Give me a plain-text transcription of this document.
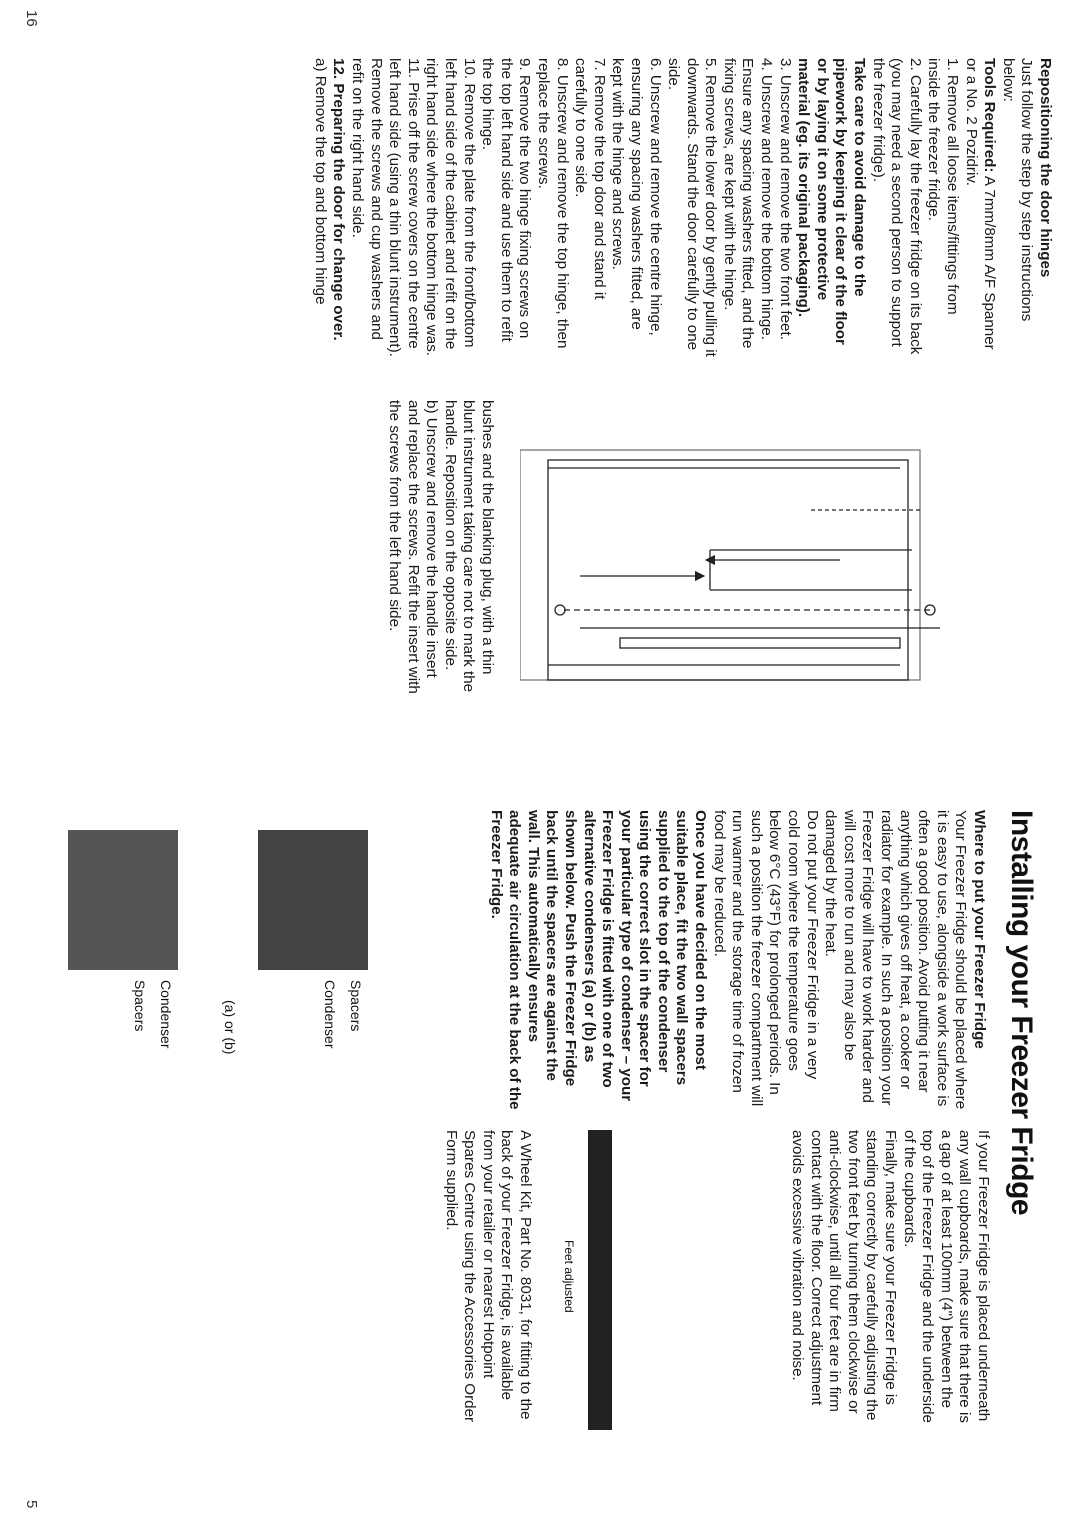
Repositioning the door hinges

Just follow the step by step instructions below:

Tools Required: A 7mm/8mm A/F Spanner or a No. 2 Pozidriv.

1. Remove all loose items/fittings from inside the freezer fridge.

2. Carefully lay the freezer fridge on its back (you may need a second person to support the freezer fridge).

Take care to avoid damage to the pipework by keeping it clear of the floor or by laying it on some protective material (eg. its original packaging).

3. Unscrew and remove the two front feet.

4. Unscrew and remove the bottom hinge. Ensure any spacing washers fitted, and the fixing screws, are kept with the hinge.

5. Remove the lower door by gently pulling it downwards. Stand the door carefully to one side.

6. Unscrew and remove the centre hinge, ensuring any spacing washers fitted, are kept with the hinge and screws.

7. Remove the top door and stand it carefully to one side.

8. Unscrew and remove the top hinge, then replace the screws.

9. Remove the two hinge fixing screws on the top left hand side and use them to refit the top hinge.

10. Remove the plate from the front/bottom left hand side of the cabinet and refit on the right hand side where the bottom hinge was.

11. Prise off the screw covers on the centre left hand side (using a thin blunt instrument). Remove the screws and cup washers and refit on the right hand side.

12. Preparing the door for change over.

a) Remove the top and bottom hinge

bushes and the blanking plug, with a thin blunt instrument taking care not to mark the handle. Reposition on the opposite side.

b) Unscrew and remove the handle insert and replace the screws. Refit the insert with the screws from the left hand side.

Installing your Freezer Fridge

Where to put your Freezer Fridge

Your Freezer Fridge should be placed where it is easy to use, alongside a work surface is often a good position. Avoid putting it near anything which gives off heat, a cooker or radiator for example. In such a position your Freezer Fridge will have to work harder and will cost more to run and may also be damaged by the heat.

Do not put your Freezer Fridge in a very cold room where the temperature goes below 6°C (43°F) for prolonged periods. In such a position the freezer compartment will run warmer and the storage time of frozen food may be reduced.

Once you have decided on the most suitable place, fit the two wall spacers supplied to the top of the condenser using the correct slot in the spacer for your particular type of condenser – your Freezer Fridge is fitted with one of two alternative condensers (a) or (b) as shown below. Push the Freezer Fridge back until the spacers are against the wall. This automatically ensures adequate air circulation at the back of the Freezer Fridge.

Spacers
Condenser
(a) or (b)
Condenser
Spacers

If your Freezer Fridge is placed underneath any wall cupboards, make sure that there is a gap of at least 100mm (4") between the top of the Freezer Fridge and the underside of the cupboards.

Finally, make sure your Freezer Fridge is standing correctly by carefully adjusting the two front feet by turning them clockwise or anti-clockwise, until all four feet are in firm contact with the floor. Correct adjustment avoids excessive vibration and noise.

Feet adjusted

A Wheel Kit, Part No. 8031, for fitting to the back of your Freezer Fridge, is available from your retailer or nearest Hotpoint Spares Centre using the Accessories Order Form supplied.

16
5
